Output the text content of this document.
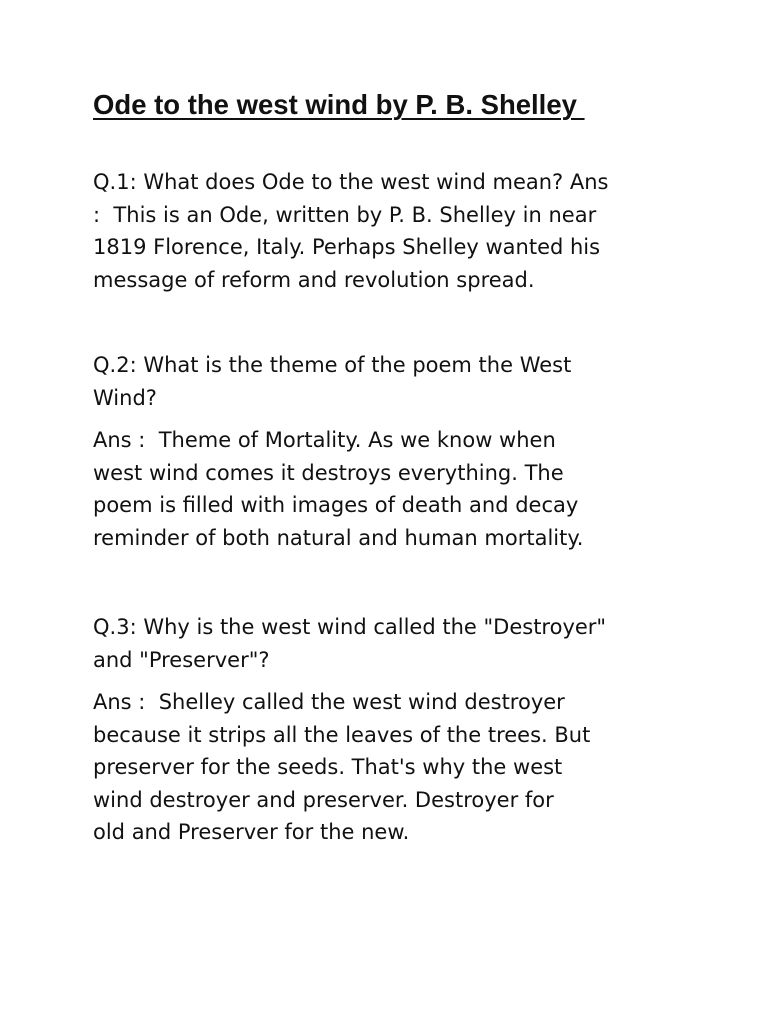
Ode to the west wind by P. B. Shelley

Q.1: What does Ode to the west wind mean? Ans

:  This is an Ode, written by P. B. Shelley in near

1819 Florence, Italy. Perhaps Shelley wanted his

message of reform and revolution spread.

Q.2: What is the theme of the poem the West

Wind?

Ans :  Theme of Mortality. As we know when

west wind comes it destroys everything. The

poem is filled with images of death and decay

reminder of both natural and human mortality.

Q.3: Why is the west wind called the "Destroyer"

and "Preserver"?

Ans :  Shelley called the west wind destroyer

because it strips all the leaves of the trees. But

preserver for the seeds. That's why the west

wind destroyer and preserver. Destroyer for

old and Preserver for the new.
